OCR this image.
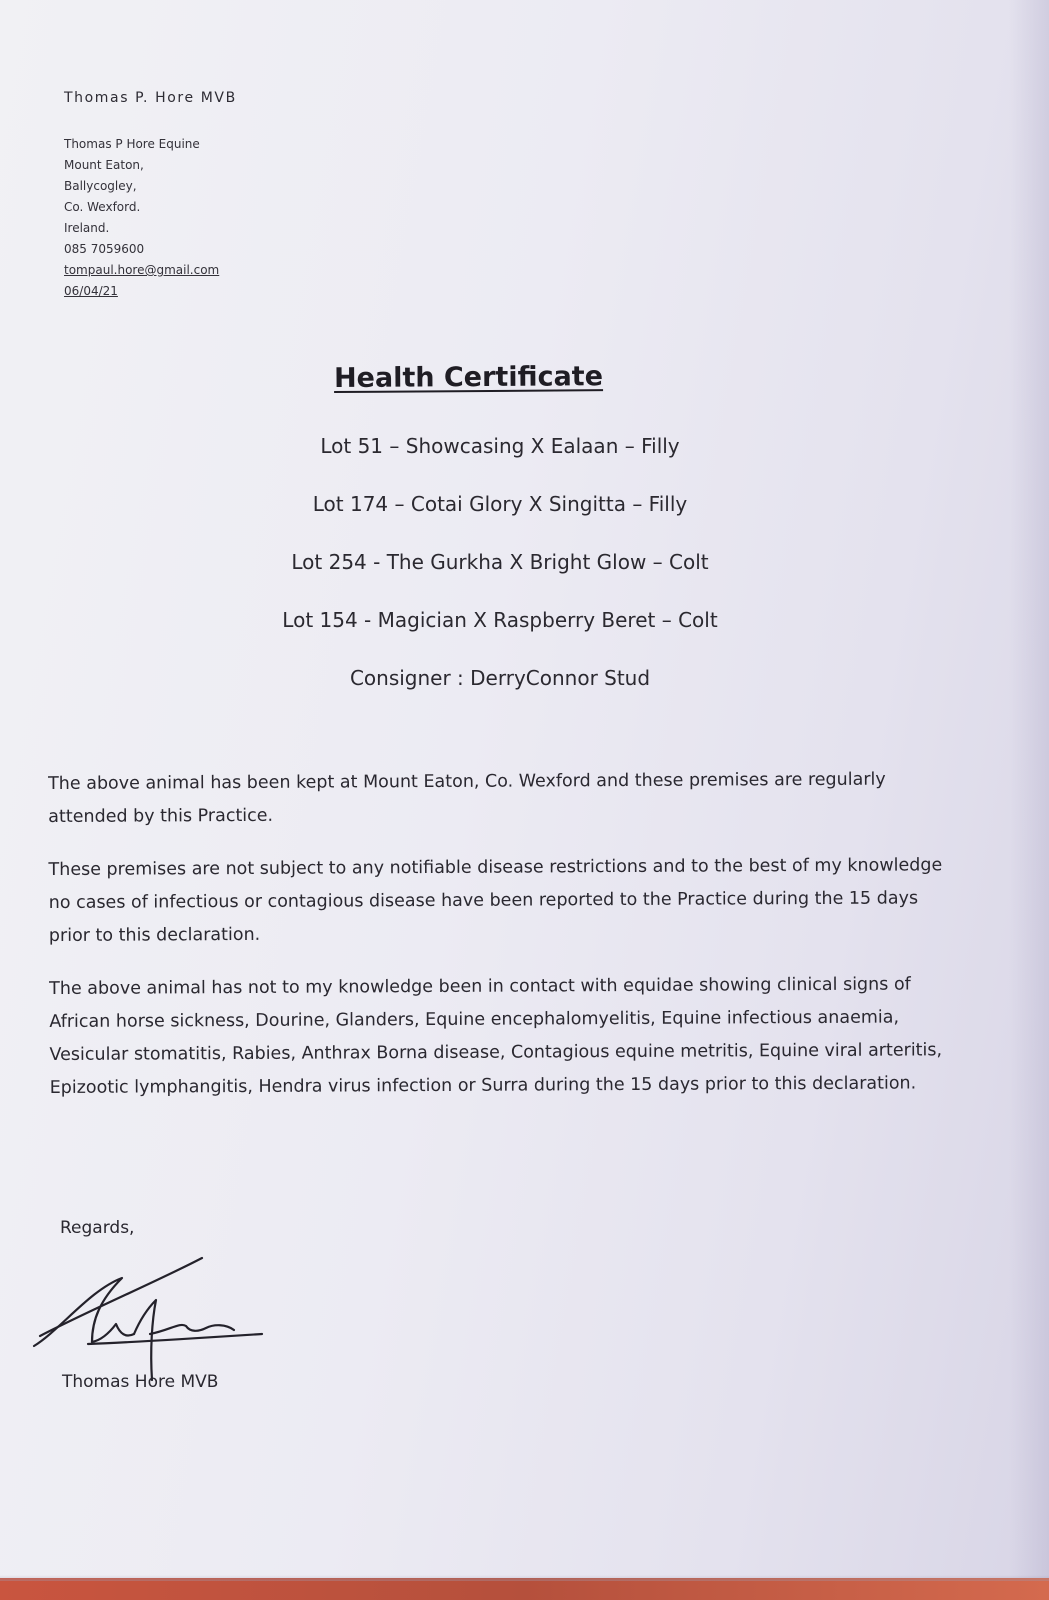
Thomas P. Hore MVB

Thomas P Hore Equine

Mount Eaton,

Ballycogley,

Co. Wexford.

Ireland.

085 7059600

tompaul.hore@gmail.com

06/04/21

Health Certificate

Lot 51 – Showcasing X Ealaan – Filly

Lot 174 – Cotai Glory X Singitta – Filly

Lot 254 - The Gurkha X Bright Glow – Colt

Lot 154 - Magician X Raspberry Beret – Colt

Consigner : DerryConnor Stud

The above animal has been kept at Mount Eaton, Co. Wexford and these premises are regularly attended by this Practice.

These premises are not subject to any notifiable disease restrictions and to the best of my knowledge no cases of infectious or contagious disease have been reported to the Practice during the 15 days prior to this declaration.

The above animal has not to my knowledge been in contact with equidae showing clinical signs of African horse sickness, Dourine, Glanders, Equine encephalomyelitis, Equine infectious anaemia, Vesicular stomatitis, Rabies, Anthrax Borna disease, Contagious equine metritis, Equine viral arteritis, Epizootic lymphangitis, Hendra virus infection or Surra during the 15 days prior to this declaration.

Regards,

Thomas Hore MVB
